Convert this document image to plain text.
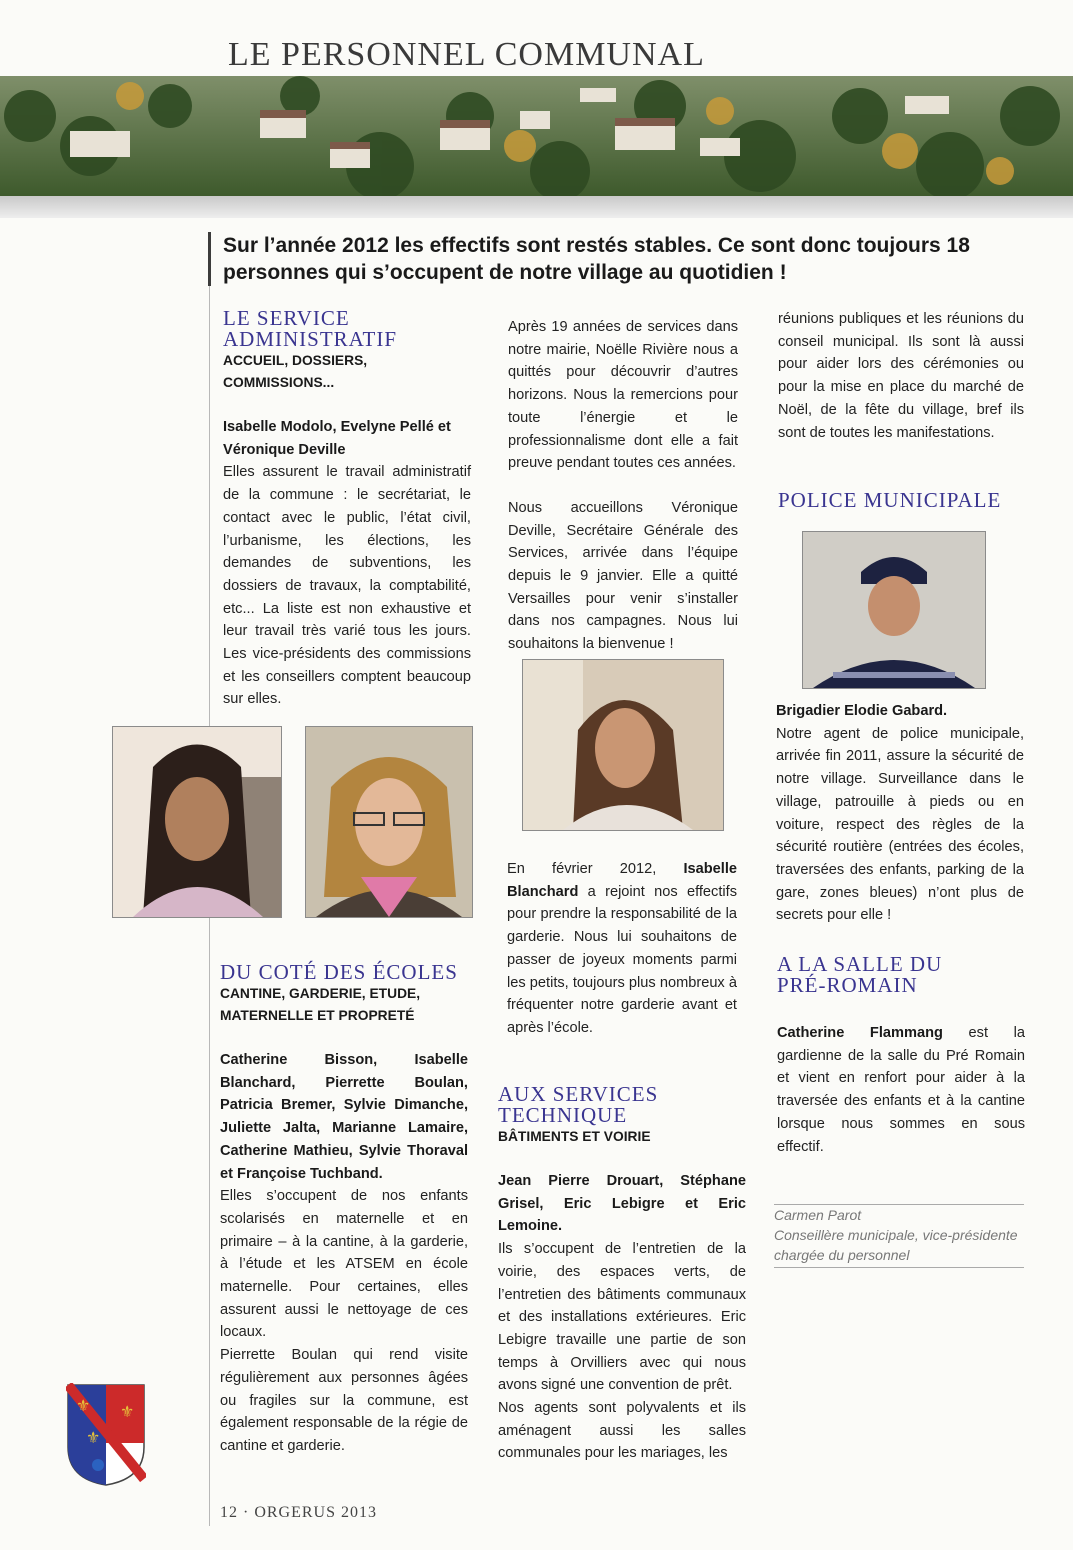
LE PERSONNEL COMMUNAL
Sur l’année 2012 les effectifs sont restés stables. Ce sont donc toujours 18 personnes qui s’occupent de notre village au quotidien !
LE SERVICE
ADMINISTRATIF
ACCUEIL, DOSSIERS,
COMMISSIONS...

Isabelle Modolo, Evelyne Pellé et Véronique Deville

Elles assurent le travail administratif de la commune : le secrétariat, le contact avec le public, l’état civil, l’urbanisme, les élections, les demandes de subventions, les dossiers de travaux, la comptabilité, etc... La liste est non exhaustive et leur travail très varié tous les jours. Les vice-présidents des commissions et les conseillers comptent beaucoup sur elles.

DU COTÉ DES ÉCOLES
CANTINE, GARDERIE, ETUDE,
MATERNELLE ET PROPRETÉ

Catherine Bisson, Isabelle Blanchard, Pierrette Boulan, Patricia Bremer, Sylvie Dimanche, Juliette Jalta, Marianne Lamaire, Catherine Mathieu, Sylvie Thoraval et Françoise Tuchband.

Elles s’occupent de nos enfants scolarisés en maternelle et en primaire – à la cantine, à la garderie, à l’étude et les ATSEM en école maternelle. Pour certaines, elles assurent aussi le nettoyage de ces locaux.

Pierrette Boulan qui rend visite régulièrement aux personnes âgées ou fragiles sur la commune, est également responsable de la régie de cantine et garderie.

Après 19 années de services dans notre mairie, Noëlle Rivière nous a quittés pour découvrir d’autres horizons. Nous la remercions pour toute l’énergie et le professionnalisme dont elle a fait preuve pendant toutes ces années.

Nous accueillons Véronique Deville, Secrétaire Générale des Services, arrivée dans l’équipe depuis le 9 janvier. Elle a quitté Versailles pour venir s’installer dans nos campagnes. Nous lui souhaitons la bienvenue !

En février 2012, Isabelle Blanchard a rejoint nos effectifs pour prendre la responsabilité de la garderie. Nous lui souhaitons de passer de joyeux moments parmi les petits, toujours plus nombreux à fréquenter notre garderie avant et après l’école.

AUX SERVICES
TECHNIQUE
BÂTIMENTS ET VOIRIE

Jean Pierre Drouart, Stéphane Grisel, Eric Lebigre et Eric Lemoine.

Ils s’occupent de l’entretien de la voirie, des espaces verts, de l’entretien des bâtiments communaux et des installations extérieures. Eric Lebigre travaille une partie de son temps à Orvilliers avec qui nous avons signé une convention de prêt.

Nos agents sont polyvalents et ils aménagent aussi les salles communales pour les mariages, les

réunions publiques et les réunions du conseil municipal. Ils sont là aussi pour aider lors des cérémonies ou pour la mise en place du marché de Noël, de la fête du village, bref ils sont de toutes les manifestations.

POLICE MUNICIPALE

Brigadier Elodie Gabard.

Notre agent de police municipale, arrivée fin 2011, assure la sécurité de notre village. Surveillance dans le village, patrouille à pieds ou en voiture, respect des règles de la sécurité routière (entrées des écoles, traversées des enfants, parking de la gare, zones bleues) n’ont plus de secrets pour elle !

A LA SALLE DU
PRÉ-ROMAIN

Catherine Flammang est la gardienne de la salle du Pré Romain et vient en renfort pour aider à la traversée des enfants et à la cantine lorsque nous sommes en sous effectif.

Carmen Parot
Conseillère municipale, vice-présidente chargée du personnel
⚜
⚜
⚜
12 · ORGERUS 2013
